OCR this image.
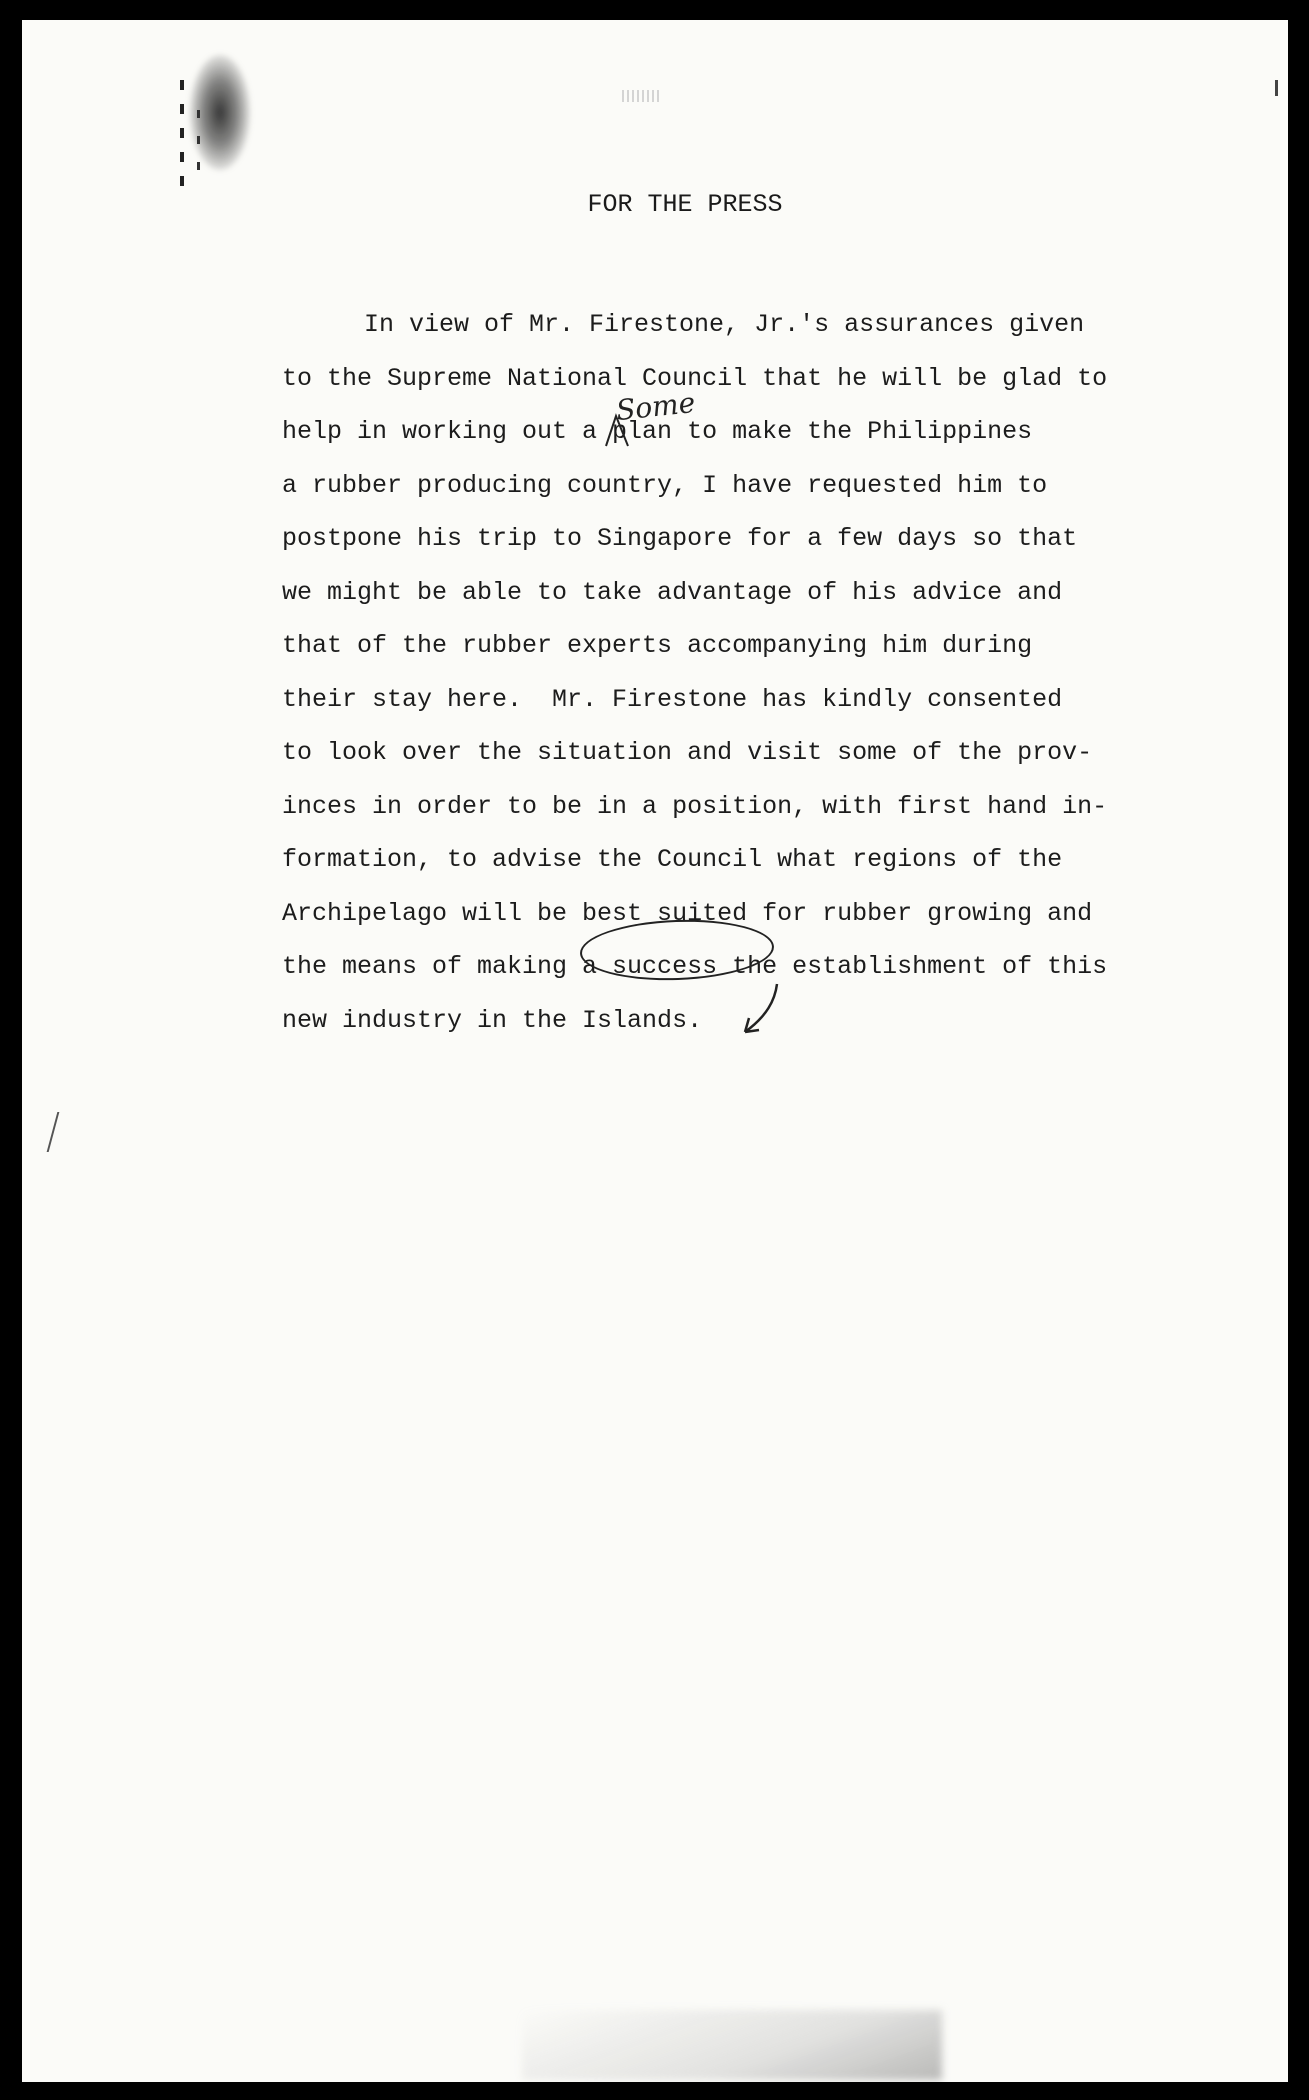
FOR THE PRESS
In view of Mr. Firestone, Jr.'s assurances given
to the Supreme National Council that he will be glad to
help in working out a plan to make the Philippines
a rubber producing country, I have requested him to
postpone his trip to Singapore for a few days so that
we might be able to take advantage of his advice and
that of the rubber experts accompanying him during
their stay here.  Mr. Firestone has kindly consented
to look over the situation and visit some of the prov-
inces in order to be in a position, with first hand in-
formation, to advise the Council what regions of the
Archipelago will be best suited for rubber growing and
the means of making a success the establishment of this
new industry in the Islands.
Some
